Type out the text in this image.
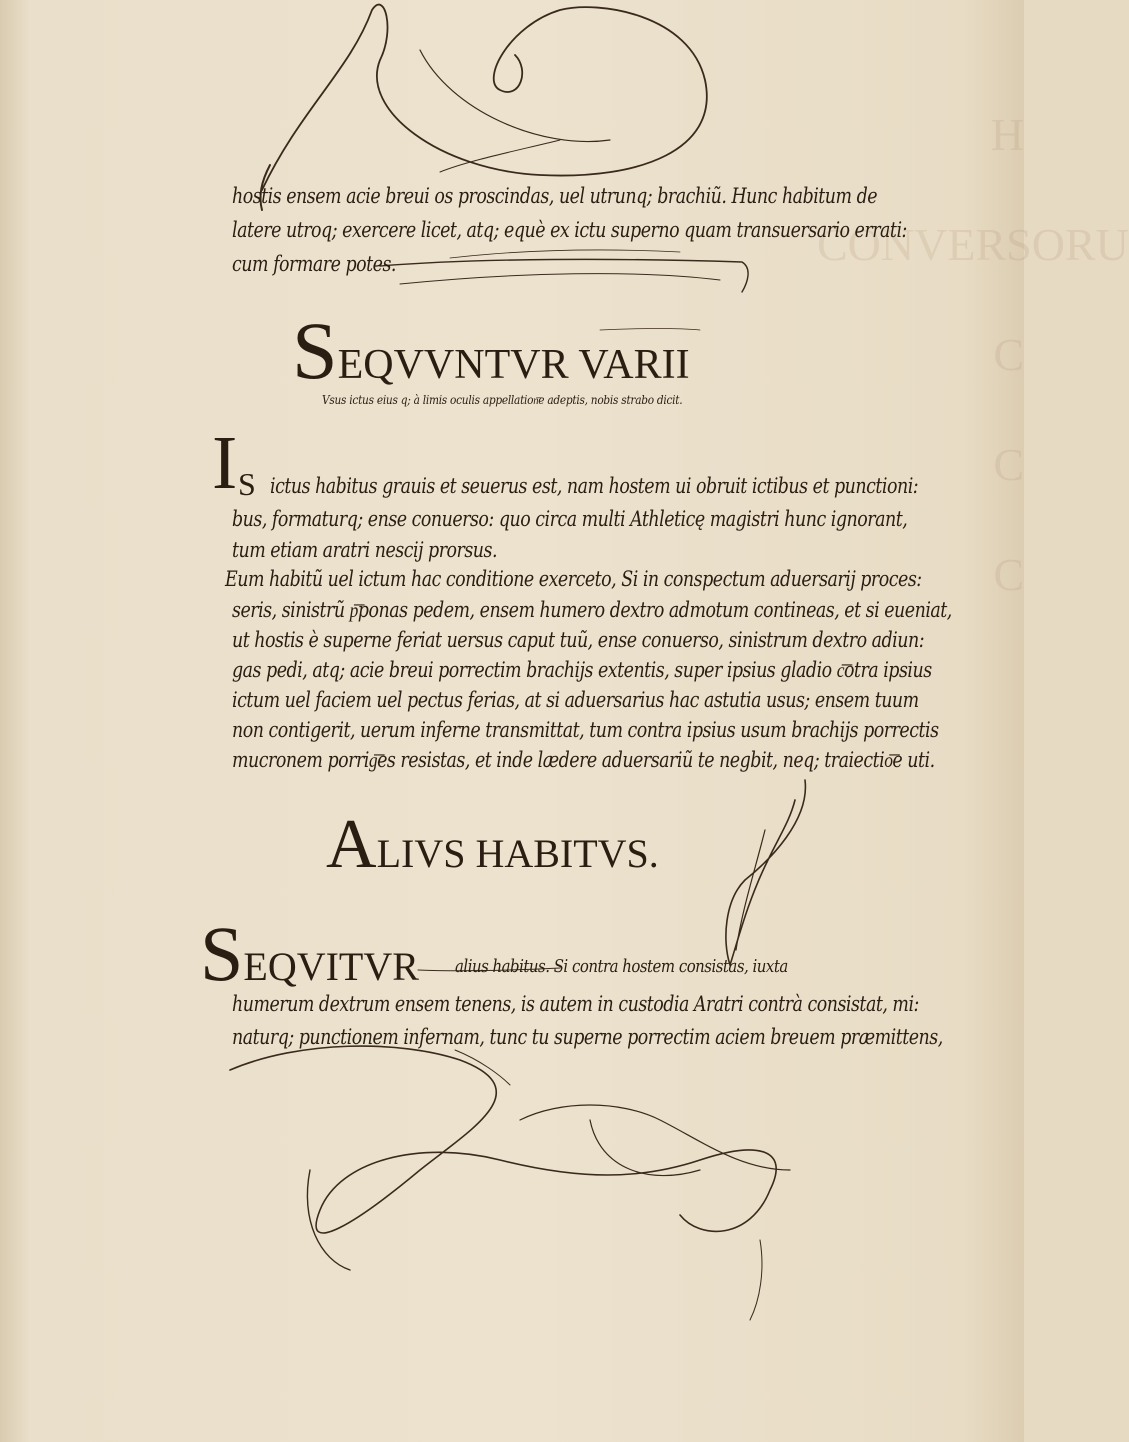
H
CONVERSORU
C
C
C
hostis ensem acie breui os proscindas, uel utrunq; brachiũ. Hunc habitum de
latere utroq; exercere licet, atq; equè ex ictu superno quam transuersario errati:
cum formare potes.
SEQVVNTVR VARII
Vsus ictus eius q; à limis oculis appellation͞e adeptis, nobis strabo dicit.
I S ictus habitus grauis et seuerus est, nam hostem ui obruit ictibus et punctioni:
bus, formaturq; ense conuerso: quo circa multi Athleticę magistri hunc ignorant,
tum etiam aratri nescij prorsus.
Eum habitũ uel ictum hac conditione exerceto, Si in conspectum aduersarij proces:
seris, sinistrũ p͞ponas pedem, ensem humero dextro admotum contineas, et si eueniat,
ut hostis è superne feriat uersus caput tuũ, ense conuerso, sinistrum dextro adiun:
gas pedi, atq; acie breui porrectim brachijs extentis, super ipsius gladio c͞otra ipsius
ictum uel faciem uel pectus ferias, at si aduersarius hac astutia usus; ensem tuum
non contigerit, uerum inferne transmittat, tum contra ipsius usum brachijs porrectis
mucronem porrig͞es resistas, et inde lædere aduersariũ te negbit, neq; traiectio͞e uti.
ALIVS HABITVS.
SEQVITVR alius habitus. Si contra hostem consistas, iuxta
humerum dextrum ensem tenens, is autem in custodia Aratri contrà consistat, mi:
naturq; punctionem infernam, tunc tu superne porrectim aciem breuem præmittens,
